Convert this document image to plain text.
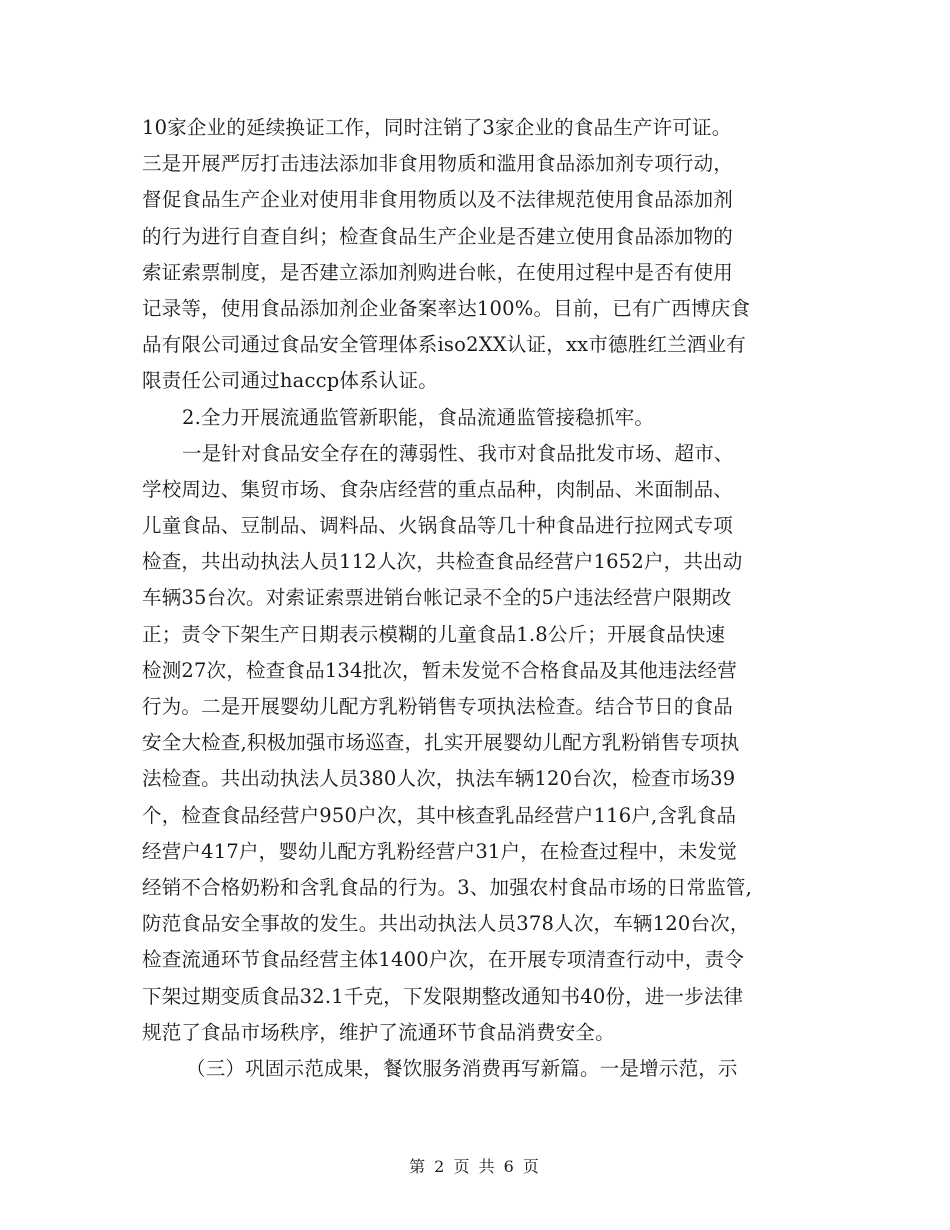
10家企业的延续换证工作，同时注销了3家企业的食品生产许可证。
三是开展严厉打击违法添加非食用物质和滥用食品添加剂专项行动，
督促食品生产企业对使用非食用物质以及不法律规范使用食品添加剂
的行为进行自查自纠；检查食品生产企业是否建立使用食品添加物的
索证索票制度，是否建立添加剂购进台帐，在使用过程中是否有使用
记录等，使用食品添加剂企业备案率达100%。目前，已有广西博庆食
品有限公司通过食品安全管理体系iso2XX认证，xx市德胜红兰酒业有
限责任公司通过haccp体系认证。
2.全力开展流通监管新职能，食品流通监管接稳抓牢。
一是针对食品安全存在的薄弱性、我市对食品批发市场、超市、
学校周边、集贸市场、食杂店经营的重点品种，肉制品、米面制品、
儿童食品、豆制品、调料品、火锅食品等几十种食品进行拉网式专项
检查，共出动执法人员112人次，共检查食品经营户1652户，共出动
车辆35台次。对索证索票进销台帐记录不全的5户违法经营户限期改
正；责令下架生产日期表示模糊的儿童食品1.8公斤；开展食品快速
检测27次，检查食品134批次，暂未发觉不合格食品及其他违法经营
行为。二是开展婴幼儿配方乳粉销售专项执法检查。结合节日的食品
安全大检查,积极加强市场巡查，扎实开展婴幼儿配方乳粉销售专项执
法检查。共出动执法人员380人次，执法车辆120台次，检查市场39
个，检查食品经营户950户次，其中核查乳品经营户116户,含乳食品
经营户417户，婴幼儿配方乳粉经营户31户，在检查过程中，未发觉
经销不合格奶粉和含乳食品的行为。3、加强农村食品市场的日常监管,
防范食品安全事故的发生。共出动执法人员378人次，车辆120台次，
检查流通环节食品经营主体1400户次，在开展专项清查行动中，责令
下架过期变质食品32.1千克，下发限期整改通知书40份，进一步法律
规范了食品市场秩序，维护了流通环节食品消费安全。
（三）巩固示范成果，餐饮服务消费再写新篇。一是增示范，示
第 2 页 共 6 页
